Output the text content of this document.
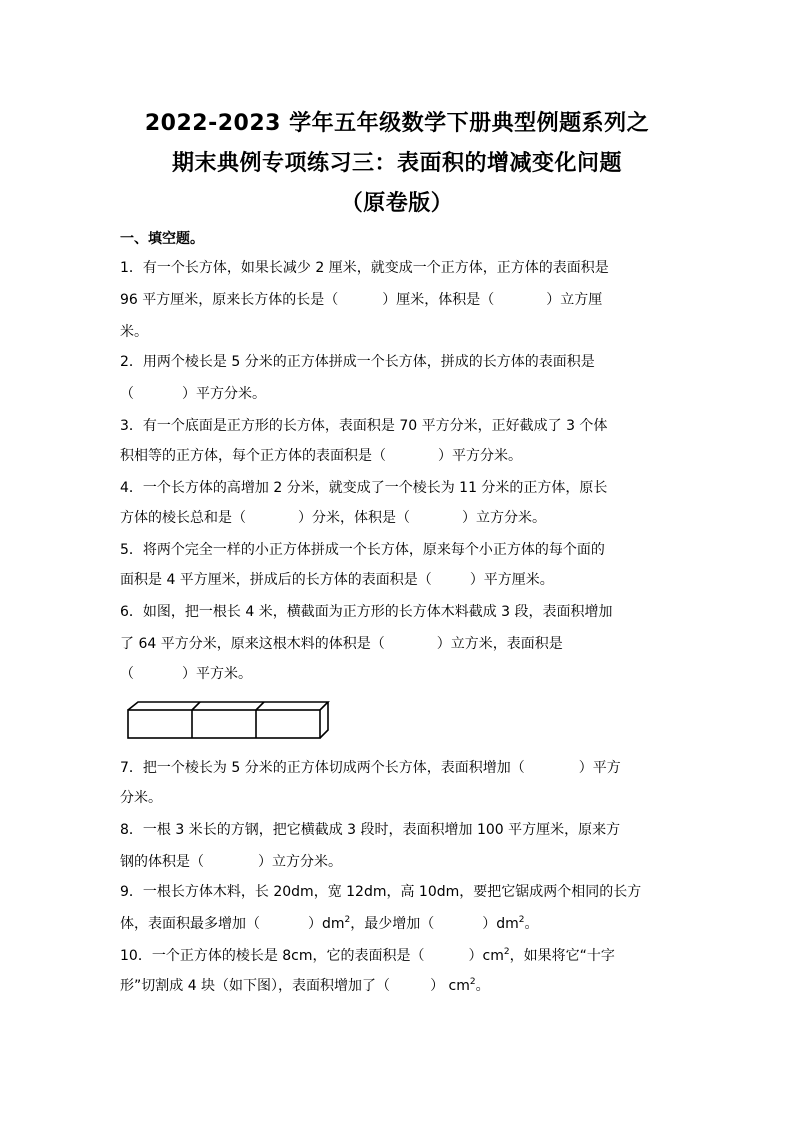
2022-2023 学年五年级数学下册典型例题系列之
期末典例专项练习三：表面积的增减变化问题
（原卷版）
一、填空题。
1．有一个长方体，如果长减少 2 厘米，就变成一个正方体，正方体的表面积是
96 平方厘米，原来长方体的长是（	）厘米，体积是（	）立方厘
米。
2．用两个棱长是 5 分米的正方体拼成一个长方体，拼成的长方体的表面积是
（	）平方分米。
3．有一个底面是正方形的长方体，表面积是 70 平方分米，正好截成了 3 个体
积相等的正方体，每个正方体的表面积是（	）平方分米。
4．一个长方体的高增加 2 分米，就变成了一个棱长为 11 分米的正方体，原长
方体的棱长总和是（	）分米，体积是（	）立方分米。
5．将两个完全一样的小正方体拼成一个长方体，原来每个小正方体的每个面的
面积是 4 平方厘米，拼成后的长方体的表面积是（	）平方厘米。
6．如图，把一根长 4 米，横截面为正方形的长方体木料截成 3 段，表面积增加
了 64 平方分米，原来这根木料的体积是（	）立方米，表面积是
（	）平方米。
7．把一个棱长为 5 分米的正方体切成两个长方体，表面积增加（	）平方
分米。
8．一根 3 米长的方钢，把它横截成 3 段时，表面积增加 100 平方厘米，原来方
钢的体积是（	）立方分米。
9．一根长方体木料，长 20dm，宽 12dm，高 10dm，要把它锯成两个相同的长方
体，表面积最多增加（	）$dm^2$，最少增加（	）$dm^2$。
10．一个正方体的棱长是 8cm，它的表面积是（	）$cm^2$，如果将它“十字
形”切割成 4 块（如下图），表面积增加了（	） $cm^2$。
